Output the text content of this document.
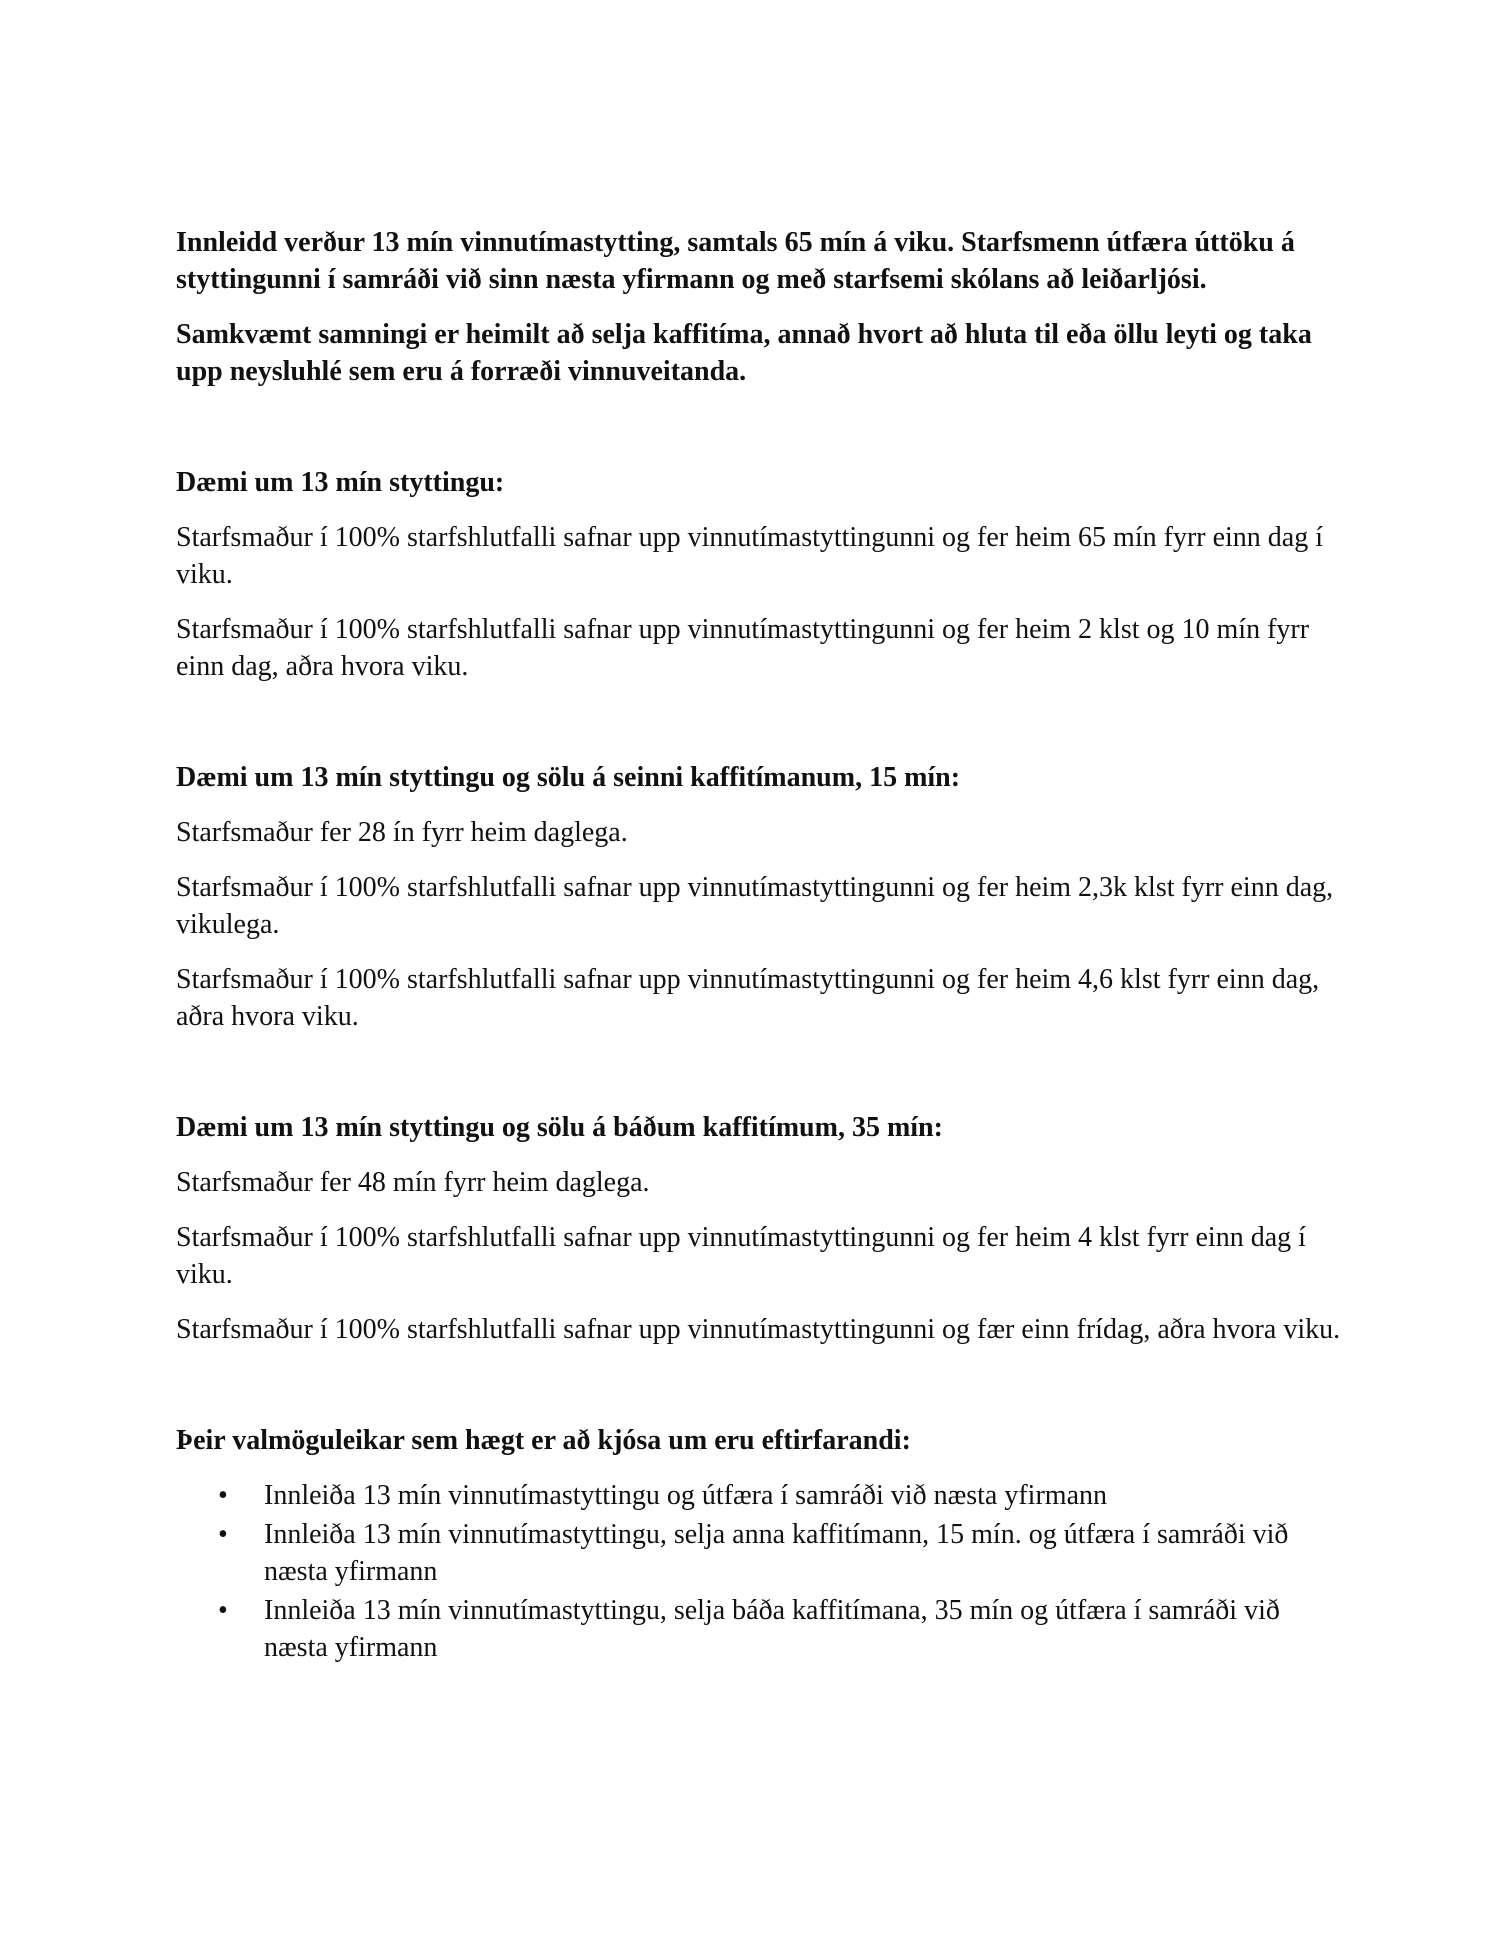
Innleidd verður 13 mín vinnutímastytting, samtals 65 mín á viku. Starfsmenn útfæra úttöku á styttingunni í samráði við sinn næsta yfirmann og með starfsemi skólans að leiðarljósi.

Samkvæmt samningi er heimilt að selja kaffitíma, annað hvort að hluta til eða öllu leyti og taka upp neysluhlé sem eru á forræði vinnuveitanda.

Dæmi um 13 mín styttingu:

Starfsmaður í 100% starfshlutfalli safnar upp vinnutímastyttingunni og fer heim 65 mín fyrr einn dag í viku.

Starfsmaður í 100% starfshlutfalli safnar upp vinnutímastyttingunni og fer heim 2 klst og 10 mín fyrr einn dag, aðra hvora viku.

Dæmi um 13 mín styttingu og sölu á seinni kaffitímanum, 15 mín:

Starfsmaður fer 28 ín fyrr heim daglega.

Starfsmaður í 100% starfshlutfalli safnar upp vinnutímastyttingunni og fer heim 2,3k klst fyrr einn dag, vikulega.

Starfsmaður í 100% starfshlutfalli safnar upp vinnutímastyttingunni og fer heim 4,6 klst fyrr einn dag, aðra hvora viku.

Dæmi um 13 mín styttingu og sölu á báðum kaffitímum, 35 mín:

Starfsmaður fer 48 mín fyrr heim daglega.

Starfsmaður í 100% starfshlutfalli safnar upp vinnutímastyttingunni og fer heim 4 klst fyrr einn dag í viku.

Starfsmaður í 100% starfshlutfalli safnar upp vinnutímastyttingunni og fær einn frídag, aðra hvora viku.

Þeir valmöguleikar sem hægt er að kjósa um eru eftirfarandi:

• Innleiða 13 mín vinnutímastyttingu og útfæra í samráði við næsta yfirmann
• Innleiða 13 mín vinnutímastyttingu, selja anna kaffitímann, 15 mín. og útfæra í samráði við næsta yfirmann
• Innleiða 13 mín vinnutímastyttingu, selja báða kaffitímana, 35 mín og útfæra í samráði við næsta yfirmann
